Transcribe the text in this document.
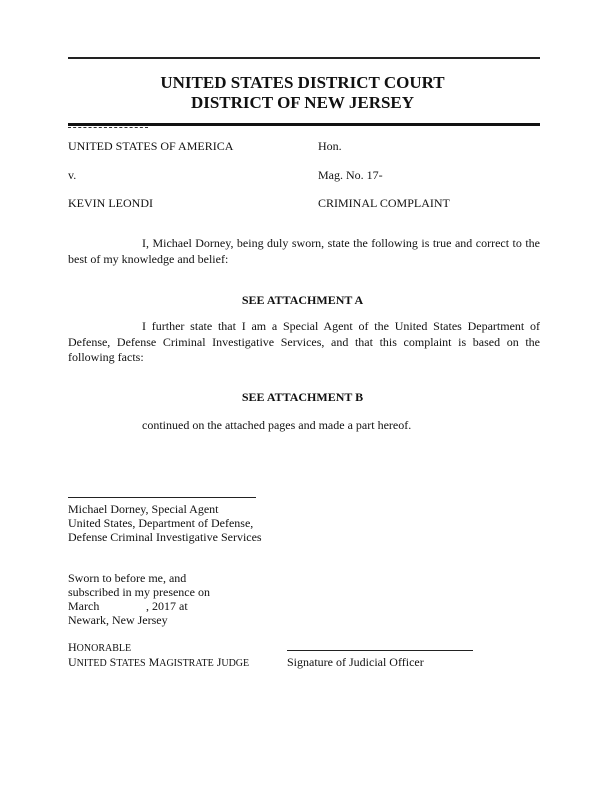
UNITED STATES DISTRICT COURT
DISTRICT OF NEW JERSEY
UNITED STATES OF AMERICA	Hon.
v.	Mag. No. 17-
KEVIN LEONDI	CRIMINAL COMPLAINT
I, Michael Dorney, being duly sworn, state the following is true and correct to the best of my knowledge and belief:
SEE ATTACHMENT A
I further state that I am a Special Agent of the United States Department of Defense, Defense Criminal Investigative Services, and that this complaint is based on the following facts:
SEE ATTACHMENT B
continued on the attached pages and made a part hereof.
Michael Dorney, Special Agent
United States, Department of Defense,
Defense Criminal Investigative Services
Sworn to before me, and
subscribed in my presence on
March	, 2017 at
Newark, New Jersey
HONORABLE
UNITED STATES MAGISTRATE JUDGE	Signature of Judicial Officer
